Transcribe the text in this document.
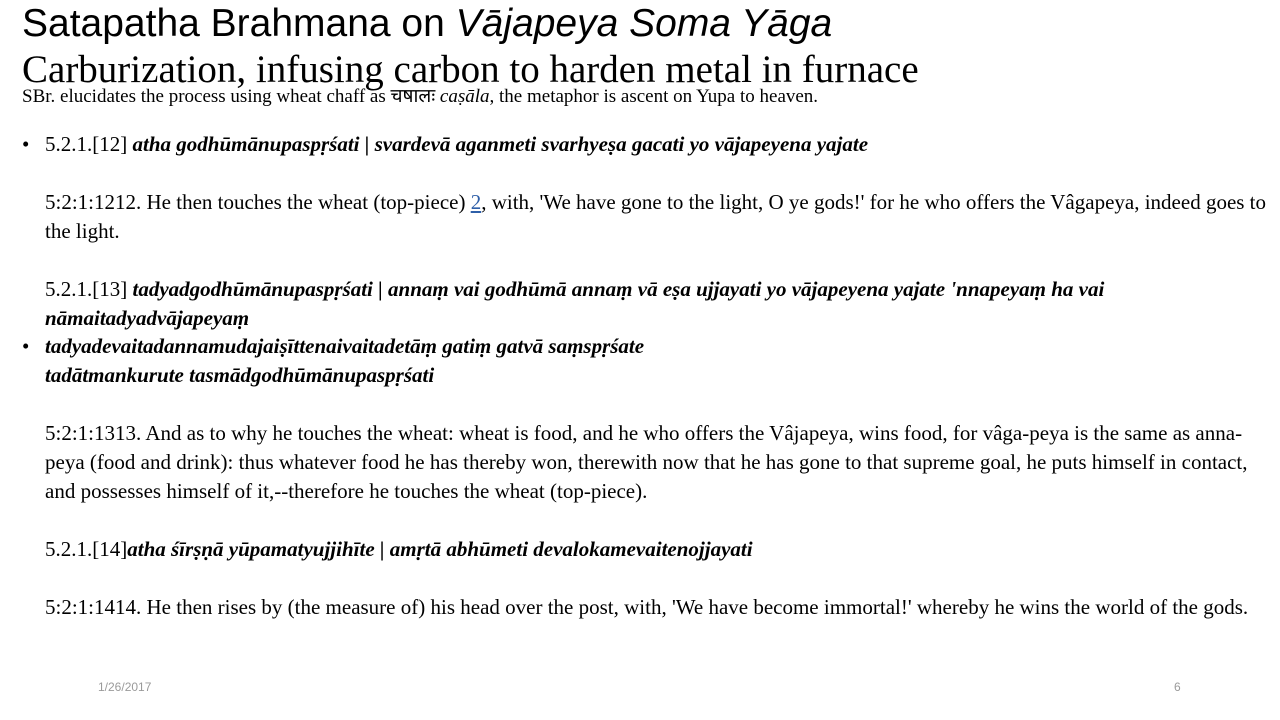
Satapatha Brahmana on Vājapeya Soma Yāga
Carburization, infusing carbon to harden metal in furnace
SBr. elucidates the process using wheat chaff as चषालः caṣāla, the metaphor is ascent on Yupa to heaven.
• 5.2.1.[12] atha godhūmānupaspṛśati | svardevā aganmeti svarhyeṣa gacati yo vājapeyena yajate
5:2:1:1212. He then touches the wheat (top-piece) 2, with, 'We have gone to the light, O ye gods!' for he who offers the Vâgapeya, indeed goes to the light.
5.2.1.[13] tadyadgodhūmānupaspṛśati | annaṃ vai godhūmā annaṃ vā eṣa ujjayati yo vājapeyena yajate 'nnapeyaṃ ha vai nāmaitadyadvājapeyaṃ
• tadyadevaitadannamudajaiṣīttenaivaitadetāṃ gatiṃ gatvā saṃspṛśate
tadātmankurute tasmādgodhūmānupaspṛśati
5:2:1:1313. And as to why he touches the wheat: wheat is food, and he who offers the Vâjapeya, wins food, for vâga-peya is the same as anna-peya (food and drink): thus whatever food he has thereby won, therewith now that he has gone to that supreme goal, he puts himself in contact, and possesses himself of it,--therefore he touches the wheat (top-piece).
5.2.1.[14]atha śīrṣṇā yūpamatyujjihīte | amṛtā abhūmeti devalokamevaitenojjayati
5:2:1:1414. He then rises by (the measure of) his head over the post, with, 'We have become immortal!' whereby he wins the world of the gods.
1/26/2017	6
